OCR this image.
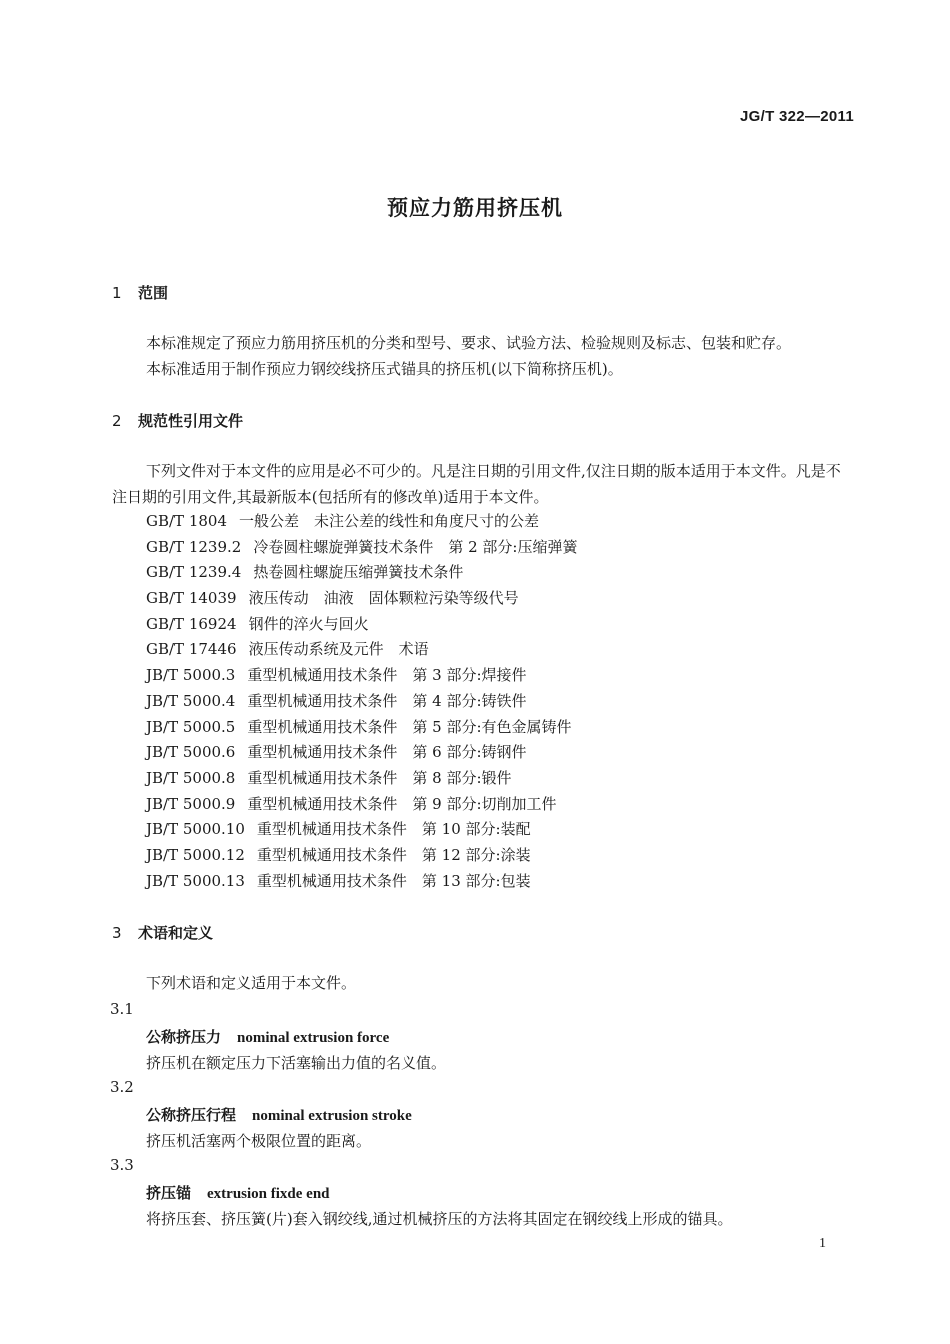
JG/T 322—2011
预应力筋用挤压机
1 范围
本标准规定了预应力筋用挤压机的分类和型号、要求、试验方法、检验规则及标志、包装和贮存。
本标准适用于制作预应力钢绞线挤压式锚具的挤压机(以下简称挤压机)。
2 规范性引用文件
下列文件对于本文件的应用是必不可少的。凡是注日期的引用文件,仅注日期的版本适用于本文件。凡是不注日期的引用文件,其最新版本(包括所有的修改单)适用于本文件。
GB/T 1804 一般公差　未注公差的线性和角度尺寸的公差
GB/T 1239.2 冷卷圆柱螺旋弹簧技术条件　第 2 部分:压缩弹簧
GB/T 1239.4 热卷圆柱螺旋压缩弹簧技术条件
GB/T 14039 液压传动　油液　固体颗粒污染等级代号
GB/T 16924 钢件的淬火与回火
GB/T 17446 液压传动系统及元件　术语
JB/T 5000.3 重型机械通用技术条件　第 3 部分:焊接件
JB/T 5000.4 重型机械通用技术条件　第 4 部分:铸铁件
JB/T 5000.5 重型机械通用技术条件　第 5 部分:有色金属铸件
JB/T 5000.6 重型机械通用技术条件　第 6 部分:铸钢件
JB/T 5000.8 重型机械通用技术条件　第 8 部分:锻件
JB/T 5000.9 重型机械通用技术条件　第 9 部分:切削加工件
JB/T 5000.10 重型机械通用技术条件　第 10 部分:装配
JB/T 5000.12 重型机械通用技术条件　第 12 部分:涂装
JB/T 5000.13 重型机械通用技术条件　第 13 部分:包装
3 术语和定义
下列术语和定义适用于本文件。
3.1
公称挤压力 nominal extrusion force
挤压机在额定压力下活塞输出力值的名义值。
3.2
公称挤压行程 nominal extrusion stroke
挤压机活塞两个极限位置的距离。
3.3
挤压锚 extrusion fixde end
将挤压套、挤压簧(片)套入钢绞线,通过机械挤压的方法将其固定在钢绞线上形成的锚具。
1
